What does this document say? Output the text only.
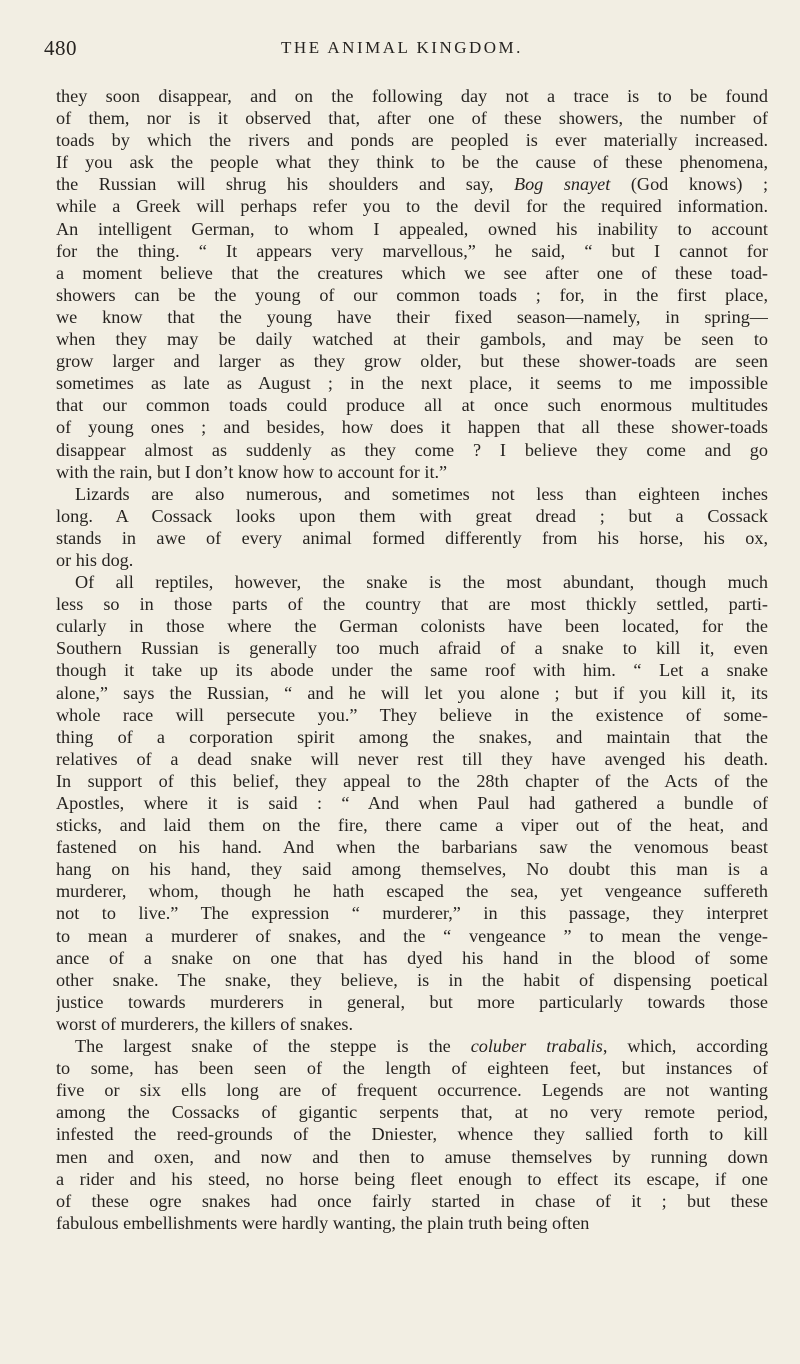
480	THE ANIMAL KINGDOM.
they soon disappear, and on the following day not a trace is to be found
of them, nor is it observed that, after one of these showers, the number of
toads by which the rivers and ponds are peopled is ever materially increased.
If you ask the people what they think to be the cause of these phenomena,
the Russian will shrug his shoulders and say, Bog snayet (God knows) ;
while a Greek will perhaps refer you to the devil for the required information.
An intelligent German, to whom I appealed, owned his inability to account
for the thing. “ It appears very marvellous,” he said, “ but I cannot for
a moment believe that the creatures which we see after one of these toad-
showers can be the young of our common toads ; for, in the first place,
we know that the young have their fixed season—namely, in spring—
when they may be daily watched at their gambols, and may be seen to
grow larger and larger as they grow older, but these shower-toads are seen
sometimes as late as August ; in the next place, it seems to me impossible
that our common toads could produce all at once such enormous multitudes
of young ones ; and besides, how does it happen that all these shower-toads
disappear almost as suddenly as they come ? I believe they come and go
with the rain, but I don’t know how to account for it.”
Lizards are also numerous, and sometimes not less than eighteen inches
long. A Cossack looks upon them with great dread ; but a Cossack
stands in awe of every animal formed differently from his horse, his ox,
or his dog.
Of all reptiles, however, the snake is the most abundant, though much
less so in those parts of the country that are most thickly settled, parti-
cularly in those where the German colonists have been located, for the
Southern Russian is generally too much afraid of a snake to kill it, even
though it take up its abode under the same roof with him. “ Let a snake
alone,” says the Russian, “ and he will let you alone ; but if you kill it, its
whole race will persecute you.” They believe in the existence of some-
thing of a corporation spirit among the snakes, and maintain that the
relatives of a dead snake will never rest till they have avenged his death.
In support of this belief, they appeal to the 28th chapter of the Acts of the
Apostles, where it is said : “ And when Paul had gathered a bundle of
sticks, and laid them on the fire, there came a viper out of the heat, and
fastened on his hand. And when the barbarians saw the venomous beast
hang on his hand, they said among themselves, No doubt this man is a
murderer, whom, though he hath escaped the sea, yet vengeance suffereth
not to live.” The expression “ murderer,” in this passage, they interpret
to mean a murderer of snakes, and the “ vengeance ” to mean the venge-
ance of a snake on one that has dyed his hand in the blood of some
other snake. The snake, they believe, is in the habit of dispensing poetical
justice towards murderers in general, but more particularly towards those
worst of murderers, the killers of snakes.
The largest snake of the steppe is the coluber trabalis, which, according
to some, has been seen of the length of eighteen feet, but instances of
five or six ells long are of frequent occurrence. Legends are not wanting
among the Cossacks of gigantic serpents that, at no very remote period,
infested the reed-grounds of the Dniester, whence they sallied forth to kill
men and oxen, and now and then to amuse themselves by running down
a rider and his steed, no horse being fleet enough to effect its escape, if one
of these ogre snakes had once fairly started in chase of it ; but these
fabulous embellishments were hardly wanting, the plain truth being often
